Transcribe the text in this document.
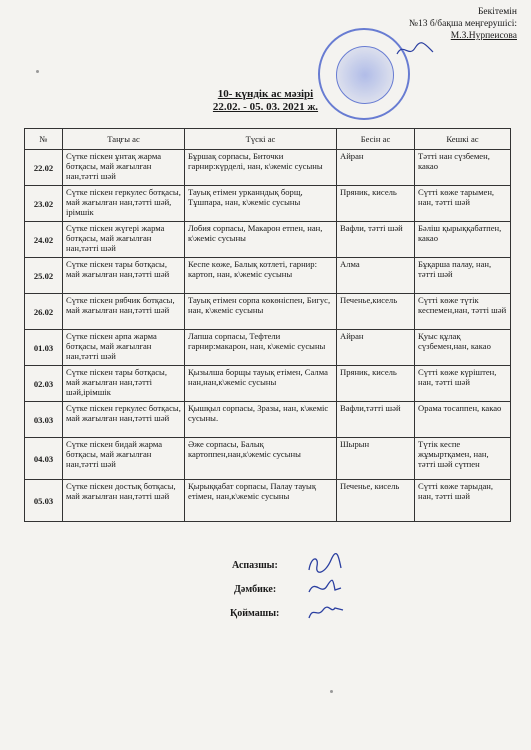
Бекітемін
№13 б/бақша меңгерушісі:
М.З.Нурпеисова
10- күндік ас мәзірі
22.02. - 05. 03. 2021 ж.
№	Таңғы ас	Түскі ас	Бесін ас	Кешкі ас
22.02	Сүтке піскен ұнтақ жарма ботқасы, май жағылған нан,тәтті шәй	Бұршақ сорпасы, Биточки гарнир:күрделі, нан, к\жеміс сусыны	Айран	Тәтті нан сүзбемен, какао
23.02	Сүтке піскен геркулес ботқасы, май жағылған нан,тәтті шәй, ірімшік	Тауық етімен урканндық борщ, Тұшпара, нан, к\жеміс сусыны	Пряник, кисель	Сүтті көже тарымен, нан, тәтті шәй
24.02	Сүтке піскен жүгері жарма ботқасы, май жағылған нан,тәтті шәй	Лобия сорпасы, Макарон етпен, нан, к\жеміс сусыны	Вафли, тәтті шәй	Бәліш қырыққабатпен, какао
25.02	Сүтке піскен тары ботқасы, май жағылған нан,тәтті шәй	Кеспе көже, Балық котлеті, гарнир: картоп, нан, к\жеміс сусыны	Алма	Бұқарша палау, нан, тәтті шәй
26.02	Сүтке піскен рябчик ботқасы, май жағылған нан,тәтті шәй	Тауық етімен сорпа көкөніспен, Бигус, нан, к\жеміс сусыны	Печенье,кисель	Сүтті көже түтік кеспемен,нан, тәтті шәй
01.03	Сүтке піскен арпа жарма ботқасы, май жағылған нан,тәтті шәй	Лапша сорпасы, Тефтели гарнир:макарон, нан, к\жеміс сусыны	Айран	Қуыс құлақ сүзбемен,нан, какао
02.03	Сүтке піскен тары ботқасы, май жағылған нан,тәтті шәй,ірімшік	Қызылша борщы тауық етімен, Салма нан,нан,к\жеміс сусыны	Пряник, кисель	Сүтті көже күріштен, нан, тәтті шәй
03.03	Сүтке піскен геркулес ботқасы, май жағылған нан,тәтті шәй	Қышқыл сорпасы, Зразы, нан, к\жеміс сусыны.	Вафли,тәтті шәй	Орама тосаппен, какао
04.03	Сүтке піскен бидай жарма ботқасы, май жағылған нан,тәтті шәй	Әже сорпасы, Балық картоппен,нан,к\жеміс сусыны	Шырын	Түтік кеспе жұмыртқамен, нан, тәтті шәй сүтпен
05.03	Сүтке піскен достық ботқасы, май жағылған нан,тәтті шәй	Қырыққабат сорпасы, Палау тауық етімен, нан,к\жеміс сусыны	Печенье, кисель	Сүтті көже тарыдан, нан, тәтті шәй
Аспазшы:
Дәмбике:
Қоймашы:
